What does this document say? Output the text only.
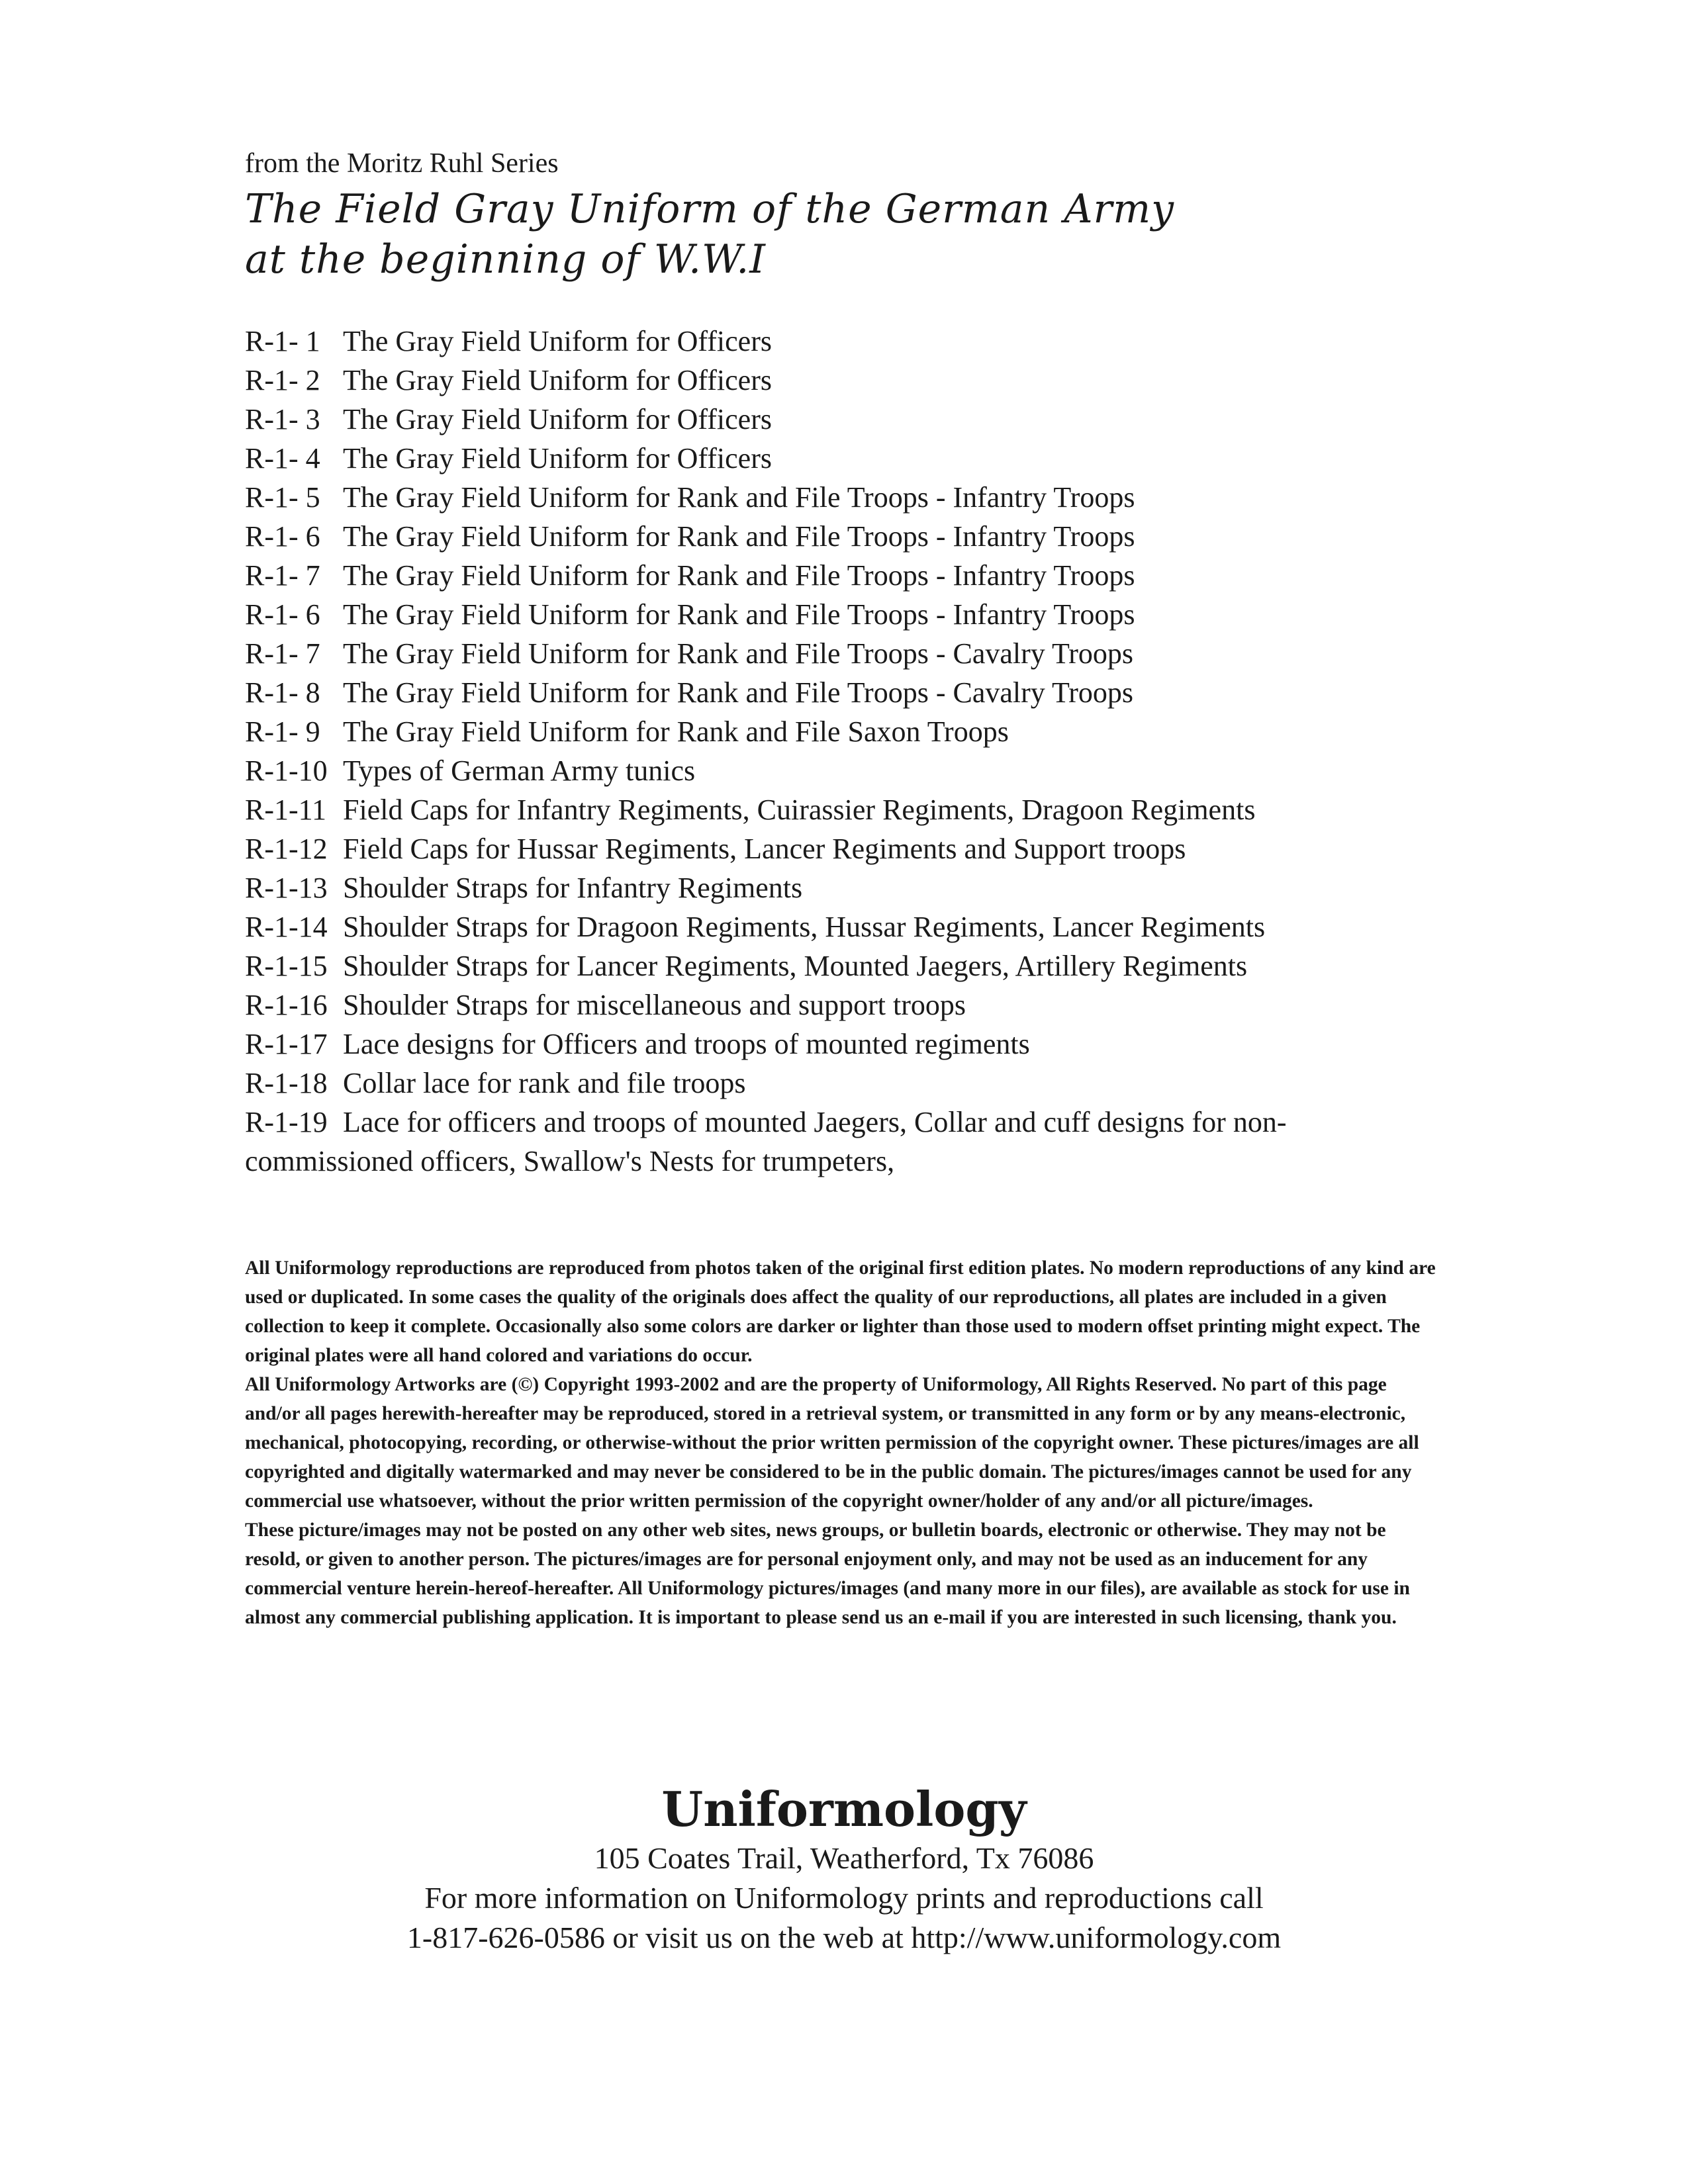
from the Moritz Ruhl Series

The Field Gray Uniform of the German Army

at the beginning of W.W.I

R-1- 1 The Gray Field Uniform for Officers
R-1- 2 The Gray Field Uniform for Officers
R-1- 3 The Gray Field Uniform for Officers
R-1- 4 The Gray Field Uniform for Officers
R-1- 5 The Gray Field Uniform for Rank and File Troops - Infantry Troops
R-1- 6 The Gray Field Uniform for Rank and File Troops - Infantry Troops
R-1- 7 The Gray Field Uniform for Rank and File Troops - Infantry Troops
R-1- 6 The Gray Field Uniform for Rank and File Troops - Infantry Troops
R-1- 7 The Gray Field Uniform for Rank and File Troops - Cavalry Troops
R-1- 8 The Gray Field Uniform for Rank and File Troops - Cavalry Troops
R-1- 9 The Gray Field Uniform for Rank and File Saxon Troops
R-1-10 Types of German Army tunics
R-1-11 Field Caps for Infantry Regiments, Cuirassier Regiments, Dragoon Regiments
R-1-12 Field Caps for Hussar Regiments, Lancer Regiments and Support troops
R-1-13 Shoulder Straps for Infantry Regiments
R-1-14 Shoulder Straps for Dragoon Regiments, Hussar Regiments, Lancer Regiments
R-1-15 Shoulder Straps for Lancer Regiments, Mounted Jaegers, Artillery Regiments
R-1-16 Shoulder Straps for miscellaneous and support troops
R-1-17 Lace designs for Officers and troops of mounted regiments
R-1-18 Collar lace for rank and file troops
R-1-19 Lace for officers and troops of mounted Jaegers, Collar and cuff designs for non-
commissioned officers, Swallow's Nests for trumpeters,

All Uniformology reproductions are reproduced from photos taken of the original first edition plates. No modern reproductions of any kind are used or duplicated. In some cases the quality of the originals does affect the quality of our reproductions, all plates are included in a given collection to keep it complete. Occasionally also some colors are darker or lighter than those used to modern offset printing might expect. The original plates were all hand colored and variations do occur.

All Uniformology Artworks are (©) Copyright 1993-2002 and are the property of Uniformology, All Rights Reserved. No part of this page and/or all pages herewith-hereafter may be reproduced, stored in a retrieval system, or transmitted in any form or by any means-electronic, mechanical, photocopying, recording, or otherwise-without the prior written permission of the copyright owner. These pictures/images are all copyrighted and digitally watermarked and may never be considered to be in the public domain. The pictures/images cannot be used for any commercial use whatsoever, without the prior written permission of the copyright owner/holder of any and/or all picture/images.

These picture/images may not be posted on any other web sites, news groups, or bulletin boards, electronic or otherwise. They may not be resold, or given to another person. The pictures/images are for personal enjoyment only, and may not be used as an inducement for any commercial venture herein-hereof-hereafter. All Uniformology pictures/images (and many more in our files), are available as stock for use in almost any commercial publishing application. It is important to please send us an e-mail if you are interested in such licensing, thank you.

Uniformology

105 Coates Trail, Weatherford, Tx 76086

For more information on Uniformology prints and reproductions call

1-817-626-0586 or visit us on the web at http://www.uniformology.com
